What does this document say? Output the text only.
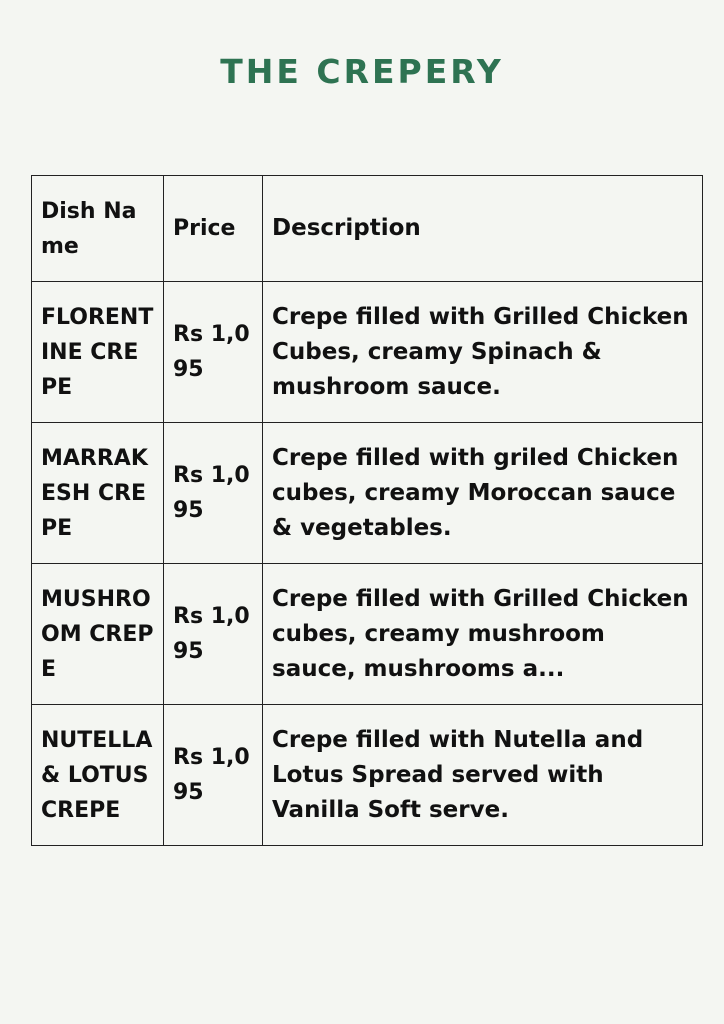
THE CREPERY
Dish Name	Price	Description
FLORENTINE CREPE	Rs 1,095	Crepe filled with Grilled Chicken Cubes, creamy Spinach & mushroom sauce.
MARRAKESH CREPE	Rs 1,095	Crepe filled with griled Chicken cubes, creamy Moroccan sauce & vegetables.
MUSHROOM CREPE	Rs 1,095	Crepe filled with Grilled Chicken cubes, creamy mushroom sauce, mushrooms a...
NUTELLA & LOTUS CREPE	Rs 1,095	Crepe filled with Nutella and Lotus Spread served with Vanilla Soft serve.
